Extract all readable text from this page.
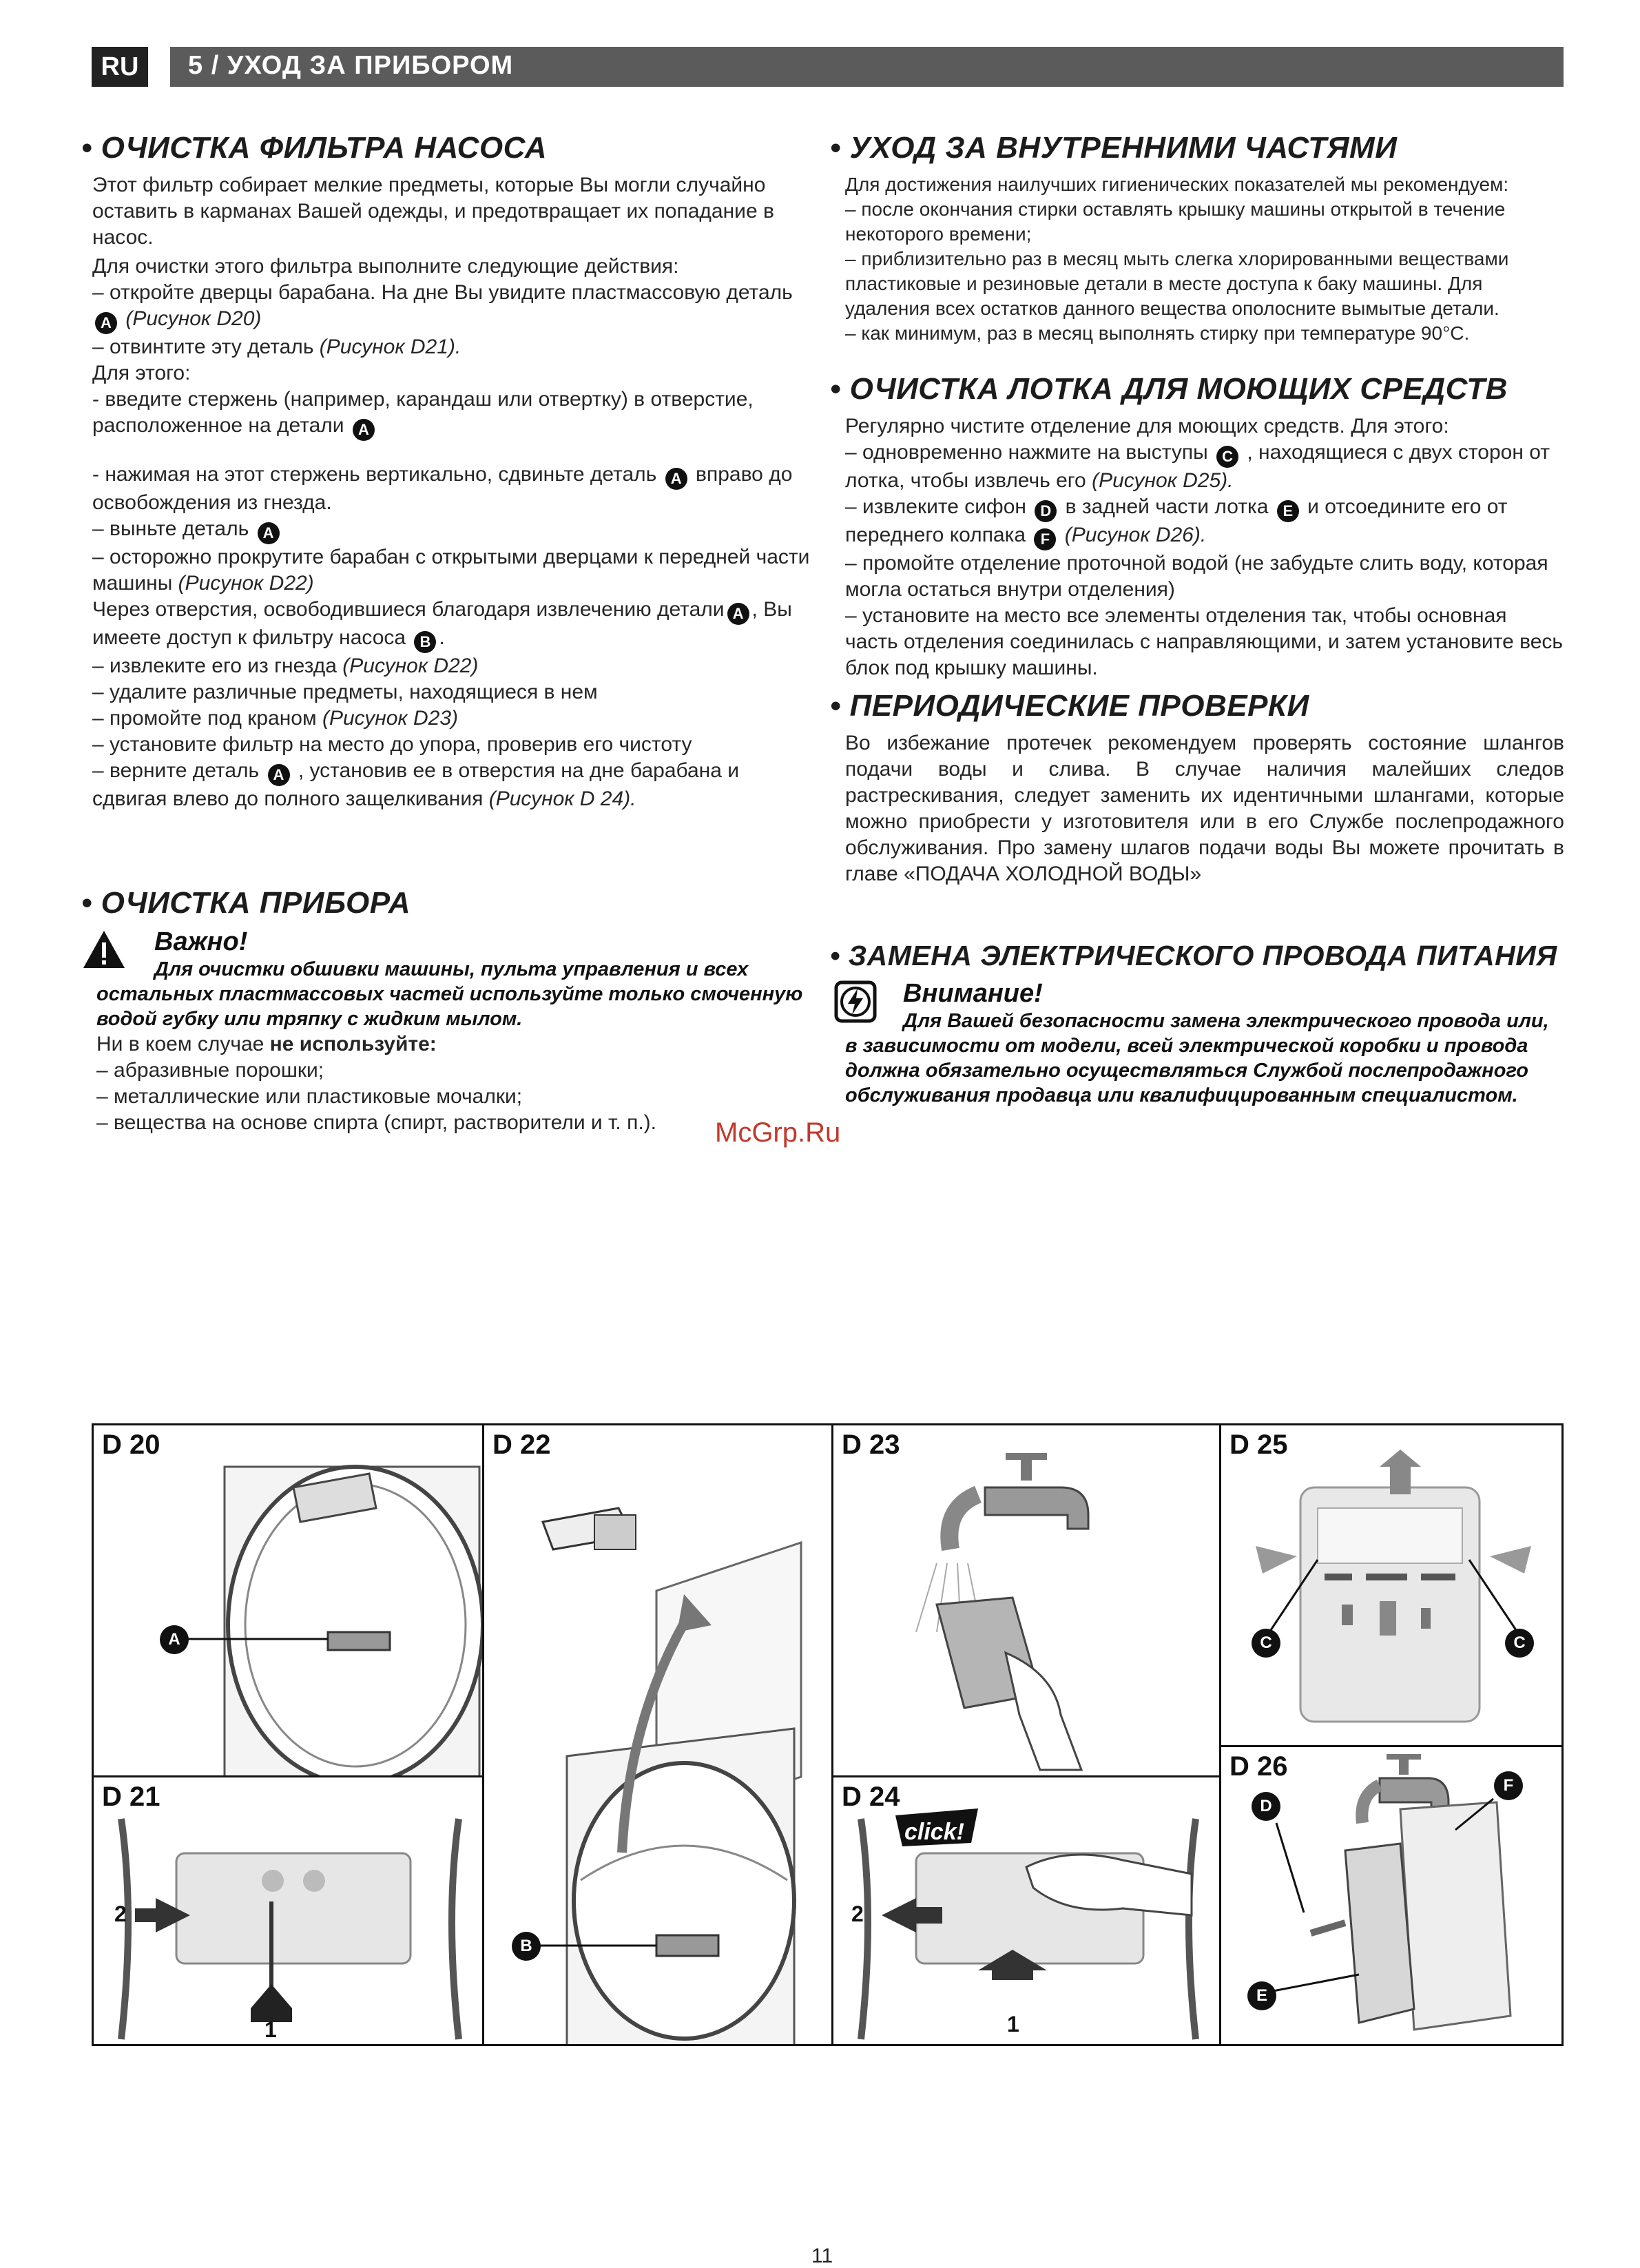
5 / УХОД ЗА ПРИБОРОМ
RU
• ОЧИСТКА ФИЛЬТРА НАСОСА
Этот фильтр собирает мелкие предметы, которые Вы могли случайно оставить в карманах Вашей одежды, и предотвращает их попадание в насос.
Для очистки этого фильтра выполните следующие действия:
– откройте дверцы барабана. На дне Вы увидите пластмассовую деталь
A (Рисунок D20)
– отвинтите эту деталь (Рисунок D21).
Для этого:
- введите стержень (например, карандаш или отвертку) в отверстие, расположенное на детали A
- нажимая на этот стержень вертикально, сдвиньте деталь A вправо до освобождения из гнезда.
– выньте деталь A
– осторожно прокрутите барабан с открытыми дверцами к передней части машины (Рисунок D22)
Через отверстия, освободившиеся благодаря извлечению детали A , Вы имеете доступ к фильтру насоса B .
– извлеките его из гнезда (Рисунок D22)
– удалите различные предметы, находящиеся в нем
– промойте под краном (Рисунок D23)
– установите фильтр на место до упора, проверив его чистоту
– верните деталь A , установив ее в отверстия на дне барабана и сдвигая влево до полного защелкивания (Рисунок D 24).
• ОЧИСТКА ПРИБОРА
Важно!
Для очистки обшивки машины, пульта управления и всех остальных пластмассовых частей используйте только смоченную водой губку или тряпку с жидким мылом.
Ни в коем случае не используйте:
– абразивные порошки;
– металлические или пластиковые мочалки;
– вещества на основе спирта (спирт, растворители и т. п.).
• УХОД ЗА ВНУТРЕННИМИ ЧАСТЯМИ
Для достижения наилучших гигиенических показателей мы рекомендуем:
– после окончания стирки оставлять крышку машины открытой в течение некоторого времени;
– приблизительно раз в месяц мыть слегка хлорированными веществами пластиковые и резиновые детали в месте доступа к баку машины. Для удаления всех остатков данного вещества ополосните вымытые детали.
– как минимум, раз в месяц выполнять стирку при температуре 90°С.
• ОЧИСТКА ЛОТКА ДЛЯ МОЮЩИХ СРЕДСТВ
Регулярно чистите отделение для моющих средств. Для этого:
– одновременно нажмите на выступы C , находящиеся с двух сторон от лотка, чтобы извлечь его (Рисунок D25).
– извлеките сифон D в задней части лотка E и отсоедините его от переднего колпака F (Рисунок D26).
– промойте отделение проточной водой (не забудьте слить воду, которая могла остаться внутри отделения)
– установите на место все элементы отделения так, чтобы основная часть отделения соединилась с направляющими, и затем установите весь блок под крышку машины.
• ПЕРИОДИЧЕСКИЕ ПРОВЕРКИ
Во избежание протечек рекомендуем проверять состояние шлангов подачи воды и слива. В случае наличия малейших следов растрескивания, следует заменить их идентичными шлангами, которые можно приобрести у изготовителя или в его Службе послепродажного обслуживания. Про замену шлагов подачи воды Вы можете прочитать в главе «ПОДАЧА ХОЛОДНОЙ ВОДЫ»
• ЗАМЕНА ЭЛЕКТРИЧЕСКОГО ПРОВОДА ПИТАНИЯ
Внимание!
Для Вашей безопасности замена электрического провода или, в зависимости от модели, всей электрической коробки и провода должна обязательно осуществляться Службой послепродажного обслуживания продавца или квалифицированным специалистом.
McGrp.Ru
D 20
A
D 21
2
1
D 22
B
D 23
D 24
click!
2
1
D 25
C	C
D 26
D
F
E
11
